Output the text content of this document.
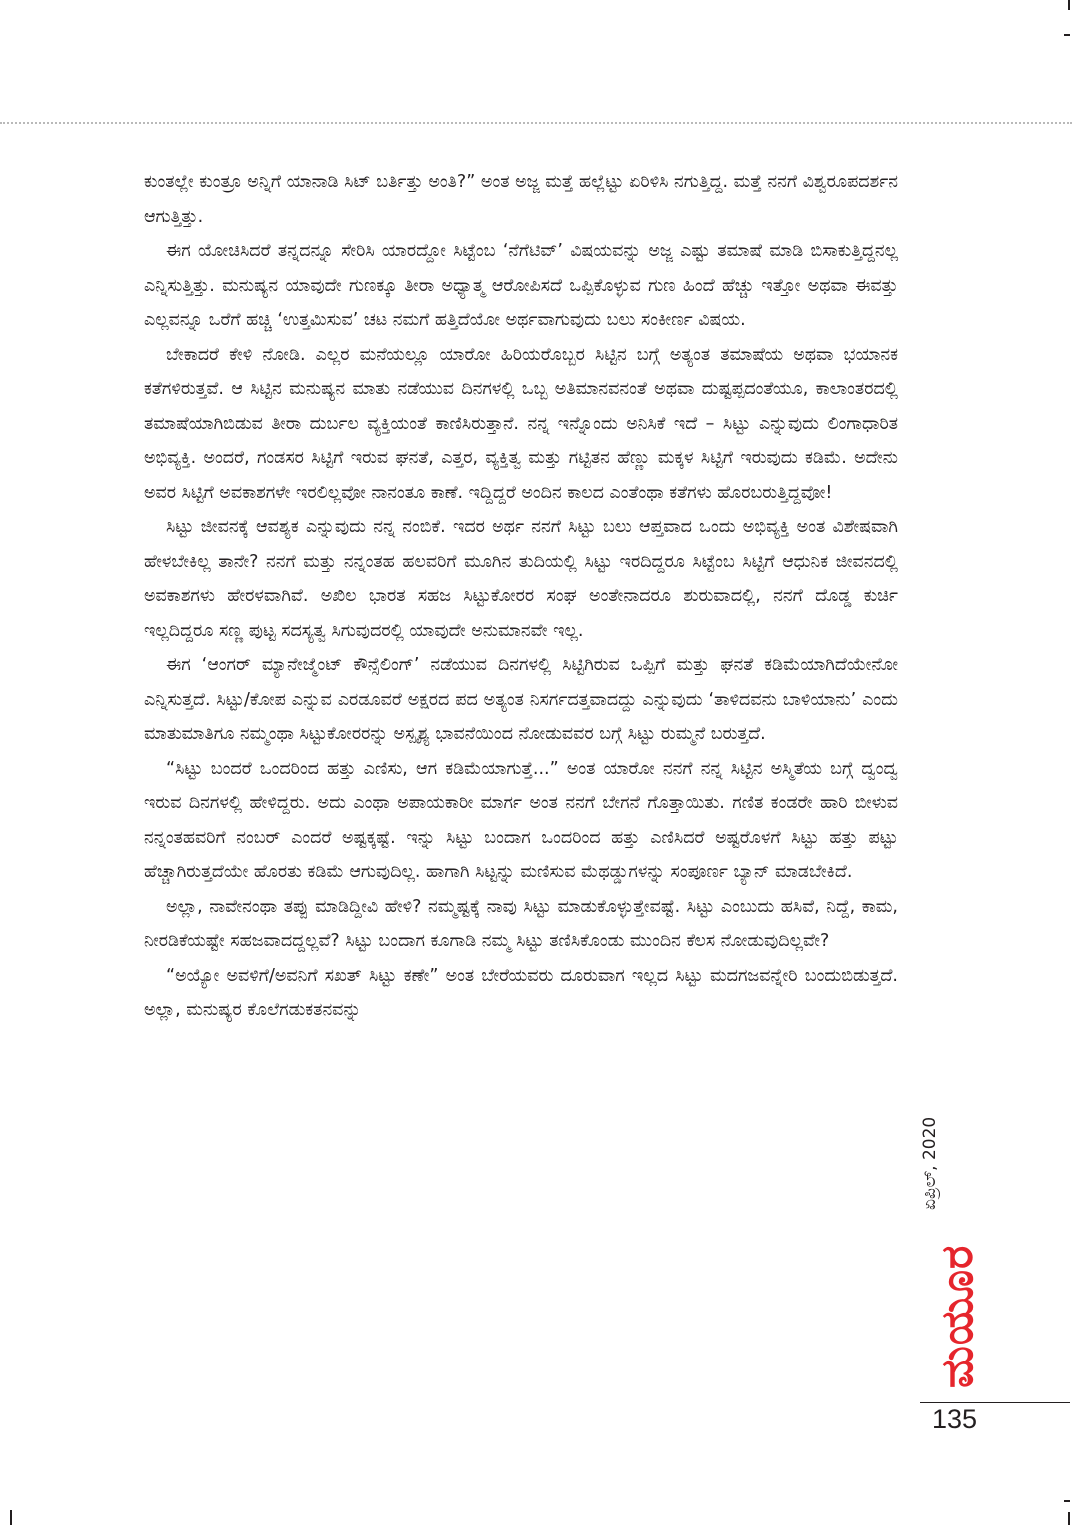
ಕುಂತಲ್ಲೇ ಕುಂತ್ರೂ ಅನ್ನಿಗೆ ಯಾನಾಡಿ ಸಿಟ್ ಬರ್ತಿತ್ತು ಅಂತಿ?” ಅಂತ ಅಜ್ಜ ಮತ್ತೆ ಹಲ್ಲೆಟ್ಟು ಏರಿಳಿಸಿ ನಗುತ್ತಿದ್ದ. ಮತ್ತೆ ನನಗೆ ವಿಶ್ವರೂಪದರ್ಶನ ಆಗುತ್ತಿತ್ತು.

ಈಗ ಯೋಚಿಸಿದರೆ ತನ್ನದನ್ನೂ ಸೇರಿಸಿ ಯಾರದ್ದೋ ಸಿಟ್ಟೆಂಬ ‘ನೆಗೆಟಿವ್’ ವಿಷಯವನ್ನು ಅಜ್ಜ ಎಷ್ಟು ತಮಾಷೆ ಮಾಡಿ ಬಿಸಾಕುತ್ತಿದ್ದನಲ್ಲ ಎನ್ನಿಸುತ್ತಿತ್ತು. ಮನುಷ್ಯನ ಯಾವುದೇ ಗುಣಕ್ಕೂ ತೀರಾ ಅಧ್ಯಾತ್ಮ ಆರೋಪಿಸದೆ ಒಪ್ಪಿಕೊಳ್ಳುವ ಗುಣ ಹಿಂದೆ ಹೆಚ್ಚು ಇತ್ತೋ ಅಥವಾ ಈವತ್ತು ಎಲ್ಲವನ್ನೂ ಒರೆಗೆ ಹಚ್ಚಿ ‘ಉತ್ತಮಿಸುವ’ ಚಟ ನಮಗೆ ಹತ್ತಿದೆಯೋ ಅರ್ಥವಾಗುವುದು ಬಲು ಸಂಕೀರ್ಣ ವಿಷಯ.

ಬೇಕಾದರೆ ಕೇಳಿ ನೋಡಿ. ಎಲ್ಲರ ಮನೆಯಲ್ಲೂ ಯಾರೋ ಹಿರಿಯರೊಬ್ಬರ ಸಿಟ್ಟಿನ ಬಗ್ಗೆ ಅತ್ಯಂತ ತಮಾಷೆಯ ಅಥವಾ ಭಯಾನಕ ಕತೆಗಳಿರುತ್ತವೆ. ಆ ಸಿಟ್ಟಿನ ಮನುಷ್ಯನ ಮಾತು ನಡೆಯುವ ದಿನಗಳಲ್ಲಿ ಒಬ್ಬ ಅತಿಮಾನವನಂತೆ ಅಥವಾ ದುಷ್ಟಪ್ಪದಂತೆಯೂ, ಕಾಲಾಂತರದಲ್ಲಿ ತಮಾಷೆಯಾಗಿಬಿಡುವ ತೀರಾ ದುರ್ಬಲ ವ್ಯಕ್ತಿಯಂತೆ ಕಾಣಿಸಿರುತ್ತಾನೆ. ನನ್ನ ಇನ್ನೊಂದು ಅನಿಸಿಕೆ ಇದೆ – ಸಿಟ್ಟು ಎನ್ನುವುದು ಲಿಂಗಾಧಾರಿತ ಅಭಿವ್ಯಕ್ತಿ. ಅಂದರೆ, ಗಂಡಸರ ಸಿಟ್ಟಿಗೆ ಇರುವ ಘನತೆ, ಎತ್ತರ, ವ್ಯಕ್ತಿತ್ವ ಮತ್ತು ಗಟ್ಟಿತನ ಹೆಣ್ಣು ಮಕ್ಕಳ ಸಿಟ್ಟಿಗೆ ಇರುವುದು ಕಡಿಮೆ. ಅದೇನು ಅವರ ಸಿಟ್ಟಿಗೆ ಅವಕಾಶಗಳೇ ಇರಲಿಲ್ಲವೋ ನಾನಂತೂ ಕಾಣೆ. ಇದ್ದಿದ್ದರೆ ಅಂದಿನ ಕಾಲದ ಎಂತೆಂಥಾ ಕತೆಗಳು ಹೊರಬರುತ್ತಿದ್ದವೋ!

ಸಿಟ್ಟು ಜೀವನಕ್ಕೆ ಆವಶ್ಯಕ ಎನ್ನುವುದು ನನ್ನ ನಂಬಿಕೆ. ಇದರ ಅರ್ಥ ನನಗೆ ಸಿಟ್ಟು ಬಲು ಆಪ್ತವಾದ ಒಂದು ಅಭಿವ್ಯಕ್ತಿ ಅಂತ ವಿಶೇಷವಾಗಿ ಹೇಳಬೇಕಿಲ್ಲ ತಾನೇ? ನನಗೆ ಮತ್ತು ನನ್ನಂತಹ ಹಲವರಿಗೆ ಮೂಗಿನ ತುದಿಯಲ್ಲಿ ಸಿಟ್ಟು ಇರದಿದ್ದರೂ ಸಿಟ್ಟೆಂಬ ಸಿಟ್ಟಿಗೆ ಆಧುನಿಕ ಜೀವನದಲ್ಲಿ ಅವಕಾಶಗಳು ಹೇರಳವಾಗಿವೆ. ಅಖಿಲ ಭಾರತ ಸಹಜ ಸಿಟ್ಟುಕೋರರ ಸಂಘ ಅಂತೇನಾದರೂ ಶುರುವಾದಲ್ಲಿ, ನನಗೆ ದೊಡ್ಡ ಕುರ್ಚಿ ಇಲ್ಲದಿದ್ದರೂ ಸಣ್ಣ ಪುಟ್ಟ ಸದಸ್ಯತ್ವ ಸಿಗುವುದರಲ್ಲಿ ಯಾವುದೇ ಅನುಮಾನವೇ ಇಲ್ಲ.

ಈಗ ‘ಆಂಗರ್ ಮ್ಯಾನೇಜ್ಮೆಂಟ್ ಕೌನ್ಸೆಲಿಂಗ್’ ನಡೆಯುವ ದಿನಗಳಲ್ಲಿ ಸಿಟ್ಟಿಗಿರುವ ಒಪ್ಪಿಗೆ ಮತ್ತು ಘನತೆ ಕಡಿಮೆಯಾಗಿದೆಯೇನೋ ಎನ್ನಿಸುತ್ತದೆ. ಸಿಟ್ಟು/ಕೋಪ ಎನ್ನುವ ಎರಡೂವರೆ ಅಕ್ಷರದ ಪದ ಅತ್ಯಂತ ನಿಸರ್ಗದತ್ತವಾದದ್ದು ಎನ್ನುವುದು ‘ತಾಳಿದವನು ಬಾಳಿಯಾನು’ ಎಂದು ಮಾತುಮಾತಿಗೂ ನಮ್ಮಂಥಾ ಸಿಟ್ಟುಕೋರರನ್ನು ಅಸ್ಪೃಶ್ಯ ಭಾವನೆಯಿಂದ ನೋಡುವವರ ಬಗ್ಗೆ ಸಿಟ್ಟು ರುಮ್ಮನೆ ಬರುತ್ತದೆ.

“ಸಿಟ್ಟು ಬಂದರೆ ಒಂದರಿಂದ ಹತ್ತು ಎಣಿಸು, ಆಗ ಕಡಿಮೆಯಾಗುತ್ತೆ...” ಅಂತ ಯಾರೋ ನನಗೆ ನನ್ನ ಸಿಟ್ಟಿನ ಅಸ್ಮಿತೆಯ ಬಗ್ಗೆ ದ್ವಂದ್ವ ಇರುವ ದಿನಗಳಲ್ಲಿ ಹೇಳಿದ್ದರು. ಅದು ಎಂಥಾ ಅಪಾಯಕಾರೀ ಮಾರ್ಗ ಅಂತ ನನಗೆ ಬೇಗನೆ ಗೊತ್ತಾಯಿತು. ಗಣಿತ ಕಂಡರೇ ಹಾರಿ ಬೀಳುವ ನನ್ನಂತಹವರಿಗೆ ನಂಬರ್ ಎಂದರೆ ಅಷ್ಟಕ್ಕಷ್ಟೆ. ಇನ್ನು ಸಿಟ್ಟು ಬಂದಾಗ ಒಂದರಿಂದ ಹತ್ತು ಎಣಿಸಿದರೆ ಅಷ್ಟರೊಳಗೆ ಸಿಟ್ಟು ಹತ್ತು ಪಟ್ಟು ಹೆಚ್ಚಾಗಿರುತ್ತದೆಯೇ ಹೊರತು ಕಡಿಮೆ ಆಗುವುದಿಲ್ಲ. ಹಾಗಾಗಿ ಸಿಟ್ಟನ್ನು ಮಣಿಸುವ ಮೆಥಡ್ಡುಗಳನ್ನು ಸಂಪೂರ್ಣ ಬ್ಯಾನ್ ಮಾಡಬೇಕಿದೆ.

ಅಲ್ಲಾ, ನಾವೇನಂಥಾ ತಪ್ಪು ಮಾಡಿದ್ದೀವಿ ಹೇಳಿ? ನಮ್ಮಷ್ಟಕ್ಕೆ ನಾವು ಸಿಟ್ಟು ಮಾಡುಕೊಳ್ಳುತ್ತೇವಷ್ಟೆ. ಸಿಟ್ಟು ಎಂಬುದು ಹಸಿವೆ, ನಿದ್ದೆ, ಕಾಮ, ನೀರಡಿಕೆಯಷ್ಟೇ ಸಹಜವಾದದ್ದಲ್ಲವೆ? ಸಿಟ್ಟು ಬಂದಾಗ ಕೂಗಾಡಿ ನಮ್ಮ ಸಿಟ್ಟು ತಣಿಸಿಕೊಂಡು ಮುಂದಿನ ಕೆಲಸ ನೋಡುವುದಿಲ್ಲವೇ?

“ಅಯ್ಯೋ ಅವಳಿಗೆ/ಅವನಿಗೆ ಸಖತ್ ಸಿಟ್ಟು ಕಣೇ” ಅಂತ ಬೇರೆಯವರು ದೂರುವಾಗ ಇಲ್ಲದ ಸಿಟ್ಟು ಮದಗಜವನ್ನೇರಿ ಬಂದುಬಿಡುತ್ತದೆ. ಅಲ್ಲಾ, ಮನುಷ್ಯರ ಕೊಲೆಗಡುಕತನವನ್ನು

ಏಪ್ರಿಲ್, 2020
ಮಯೂರ
135
